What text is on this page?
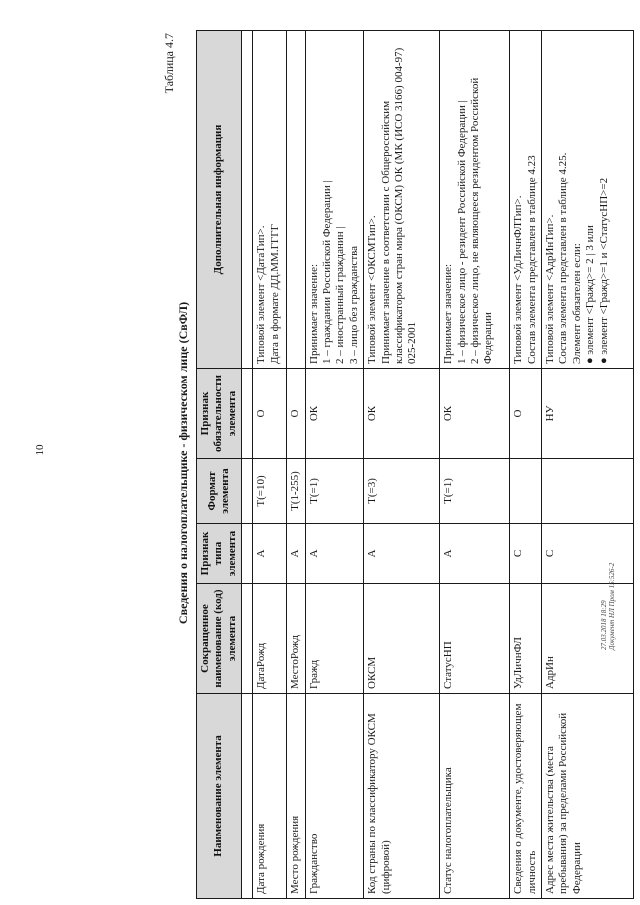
10
Таблица 4.7
Сведения о налогоплательщике - физическом лице (СвФЛ)
Наименование элемента	Сокращенное наименование (код) элемента	Признак типа элемента	Формат элемента	Признак обязательности элемента	Дополнительная информация

Дата рождения	ДатаРожд	А	T(=10)	О	Типовой элемент <ДатаТип>. Дата в формате ДД.ММ.ГГГГ

Место рождения	МестоРожд	А	T(1-255)	О	
Гражданство	Гражд	А	T(=1)	ОК	Принимает значение: 1 – граждании Российской Федерации | 2 – иностранный гражданин | 3 – лицо без гражданства

Код страны по классификатору ОКСМ (цифровой)	ОКСМ	А	T(=3)	ОК	Типовой элемент <ОКСМТип>. Принимает значение в соответствии с Общероссийским классификатором стран мира (ОКСМ) ОК (МК (ИСО 3166) 004-97) 025-2001

Статус налогоплательщика	СтатусНП	А	T(=1)	ОК	Принимает значение: 1 – физическое лицо - резидент Российской Федерации | 2 – физическое лицо, не являющееся резидентом Российской Федерации

Сведения о документе, удостоверяющем личность	УдЛичнФЛ	С		О	Типовой элемент <УдЛичнФЛТип>. Состав элемента представлен в таблице 4.23

Адрес места жительства (места пребывания) за пределами Российской Федерации	АдрИн	С		НУ	Типовой элемент <АдрИнТип>. Состав элемента представлен в таблице 4.25. Элемент обязателен если: ● элемент <Гражд>= 2 | 3 или ● элемент <Гражд>=1 и <СтатусНП>=2
27.03.2018 18:29 Документ НЛ Пром 15:526-2
